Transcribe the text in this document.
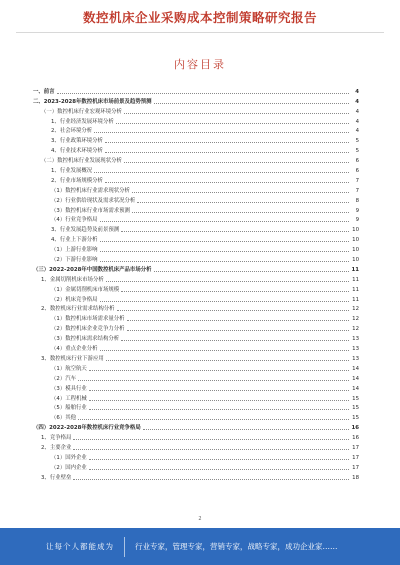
数控机床企业采购成本控制策略研究报告
内容目录
一、前言	4
二、2023-2028年数控机床市场前景及趋势预测	4
（一）数控机床行业宏观环境分析	4
1、行业经济发展环境分析	4
2、社会环境分析	4
3、行业政策环境分析	5
4、行业技术环境分析	5
（二）数控机床行业发展现状分析	6
1、行业发展概况	6
2、行业市场规模分析	7
（1）数控机床行业需求现状分析	7
（2）行业供给现状及需求状况分析	8
（3）数控机床行业市场需求预测	9
（4）行业竞争格局	9
3、行业发展趋势及前景预测	10
4、行业上下游分析	10
（1）上游行业影响	10
（2）下游行业影响	10
（三）2022-2028年中国数控机床产品市场分析	11
1、金属切削机床市场分析	11
（1）金属切削机床市场规模	11
（2）机床竞争格局	11
2、数控机床行业需求结构分析	12
（1）数控机床市场需求量分析	12
（2）数控机床企业竞争力分析	12
（3）数控机床需求结构分析	13
（4）重点企业分析	13
3、数控机床行业下游应用	13
（1）航空航天	14
（2）汽车	14
（3）模具行业	14
（4）工程机械	15
（5）船舶行业	15
（6）其他	15
（四）2022-2028年数控机床行业竞争格局	16
1、竞争格局	16
2、主要企业	17
（1）国外企业	17
（2）国内企业	17
3、行业壁垒	18
2
让每个人都能成为	行业专家，管理专家，营销专家，战略专家，成功企业家……
